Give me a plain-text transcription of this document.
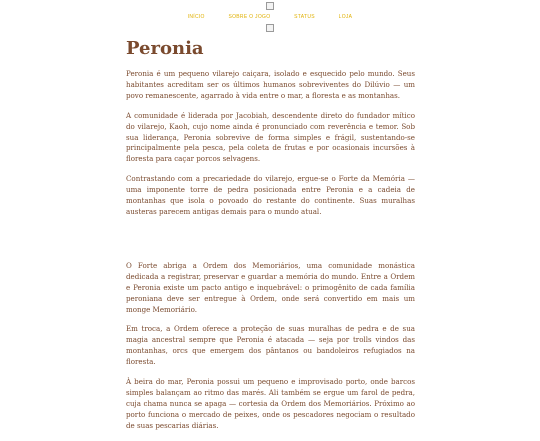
INÍCIO	SOBRE O JOGO	STATUS	LOJA
Peronia

Peronia é um pequeno vilarejo caiçara, isolado e esquecido pelo mundo. Seus habitantes acreditam ser os últimos humanos sobreviventes do Dilúvio — um povo remanescente, agarrado à vida entre o mar, a floresta e as montanhas.

A comunidade é liderada por Jacobiah, descendente direto do fundador mítico do vilarejo, Kaoh, cujo nome ainda é pronunciado com reverência e temor. Sob sua liderança, Peronia sobrevive de forma simples e frágil, sustentando-se principalmente pela pesca, pela coleta de frutas e por ocasionais incursões à floresta para caçar porcos selvagens.

Contrastando com a precariedade do vilarejo, ergue-se o Forte da Memória — uma imponente torre de pedra posicionada entre Peronia e a cadeia de montanhas que isola o povoado do restante do continente. Suas muralhas austeras parecem antigas demais para o mundo atual.

O Forte abriga a Ordem dos Memoriários, uma comunidade monástica dedicada a registrar, preservar e guardar a memória do mundo. Entre a Ordem e Peronia existe um pacto antigo e inquebrável: o primogênito de cada família peroniana deve ser entregue à Ordem, onde será convertido em mais um monge Memoriário.

Em troca, a Ordem oferece a proteção de suas muralhas de pedra e de sua magia ancestral sempre que Peronia é atacada — seja por trolls vindos das montanhas, orcs que emergem dos pântanos ou bandoleiros refugiados na floresta.

À beira do mar, Peronia possui um pequeno e improvisado porto, onde barcos simples balançam ao ritmo das marés. Ali também se ergue um farol de pedra, cuja chama nunca se apaga — cortesia da Ordem dos Memoriários. Próximo ao porto funciona o mercado de peixes, onde os pescadores negociam o resultado de suas pescarias diárias.
